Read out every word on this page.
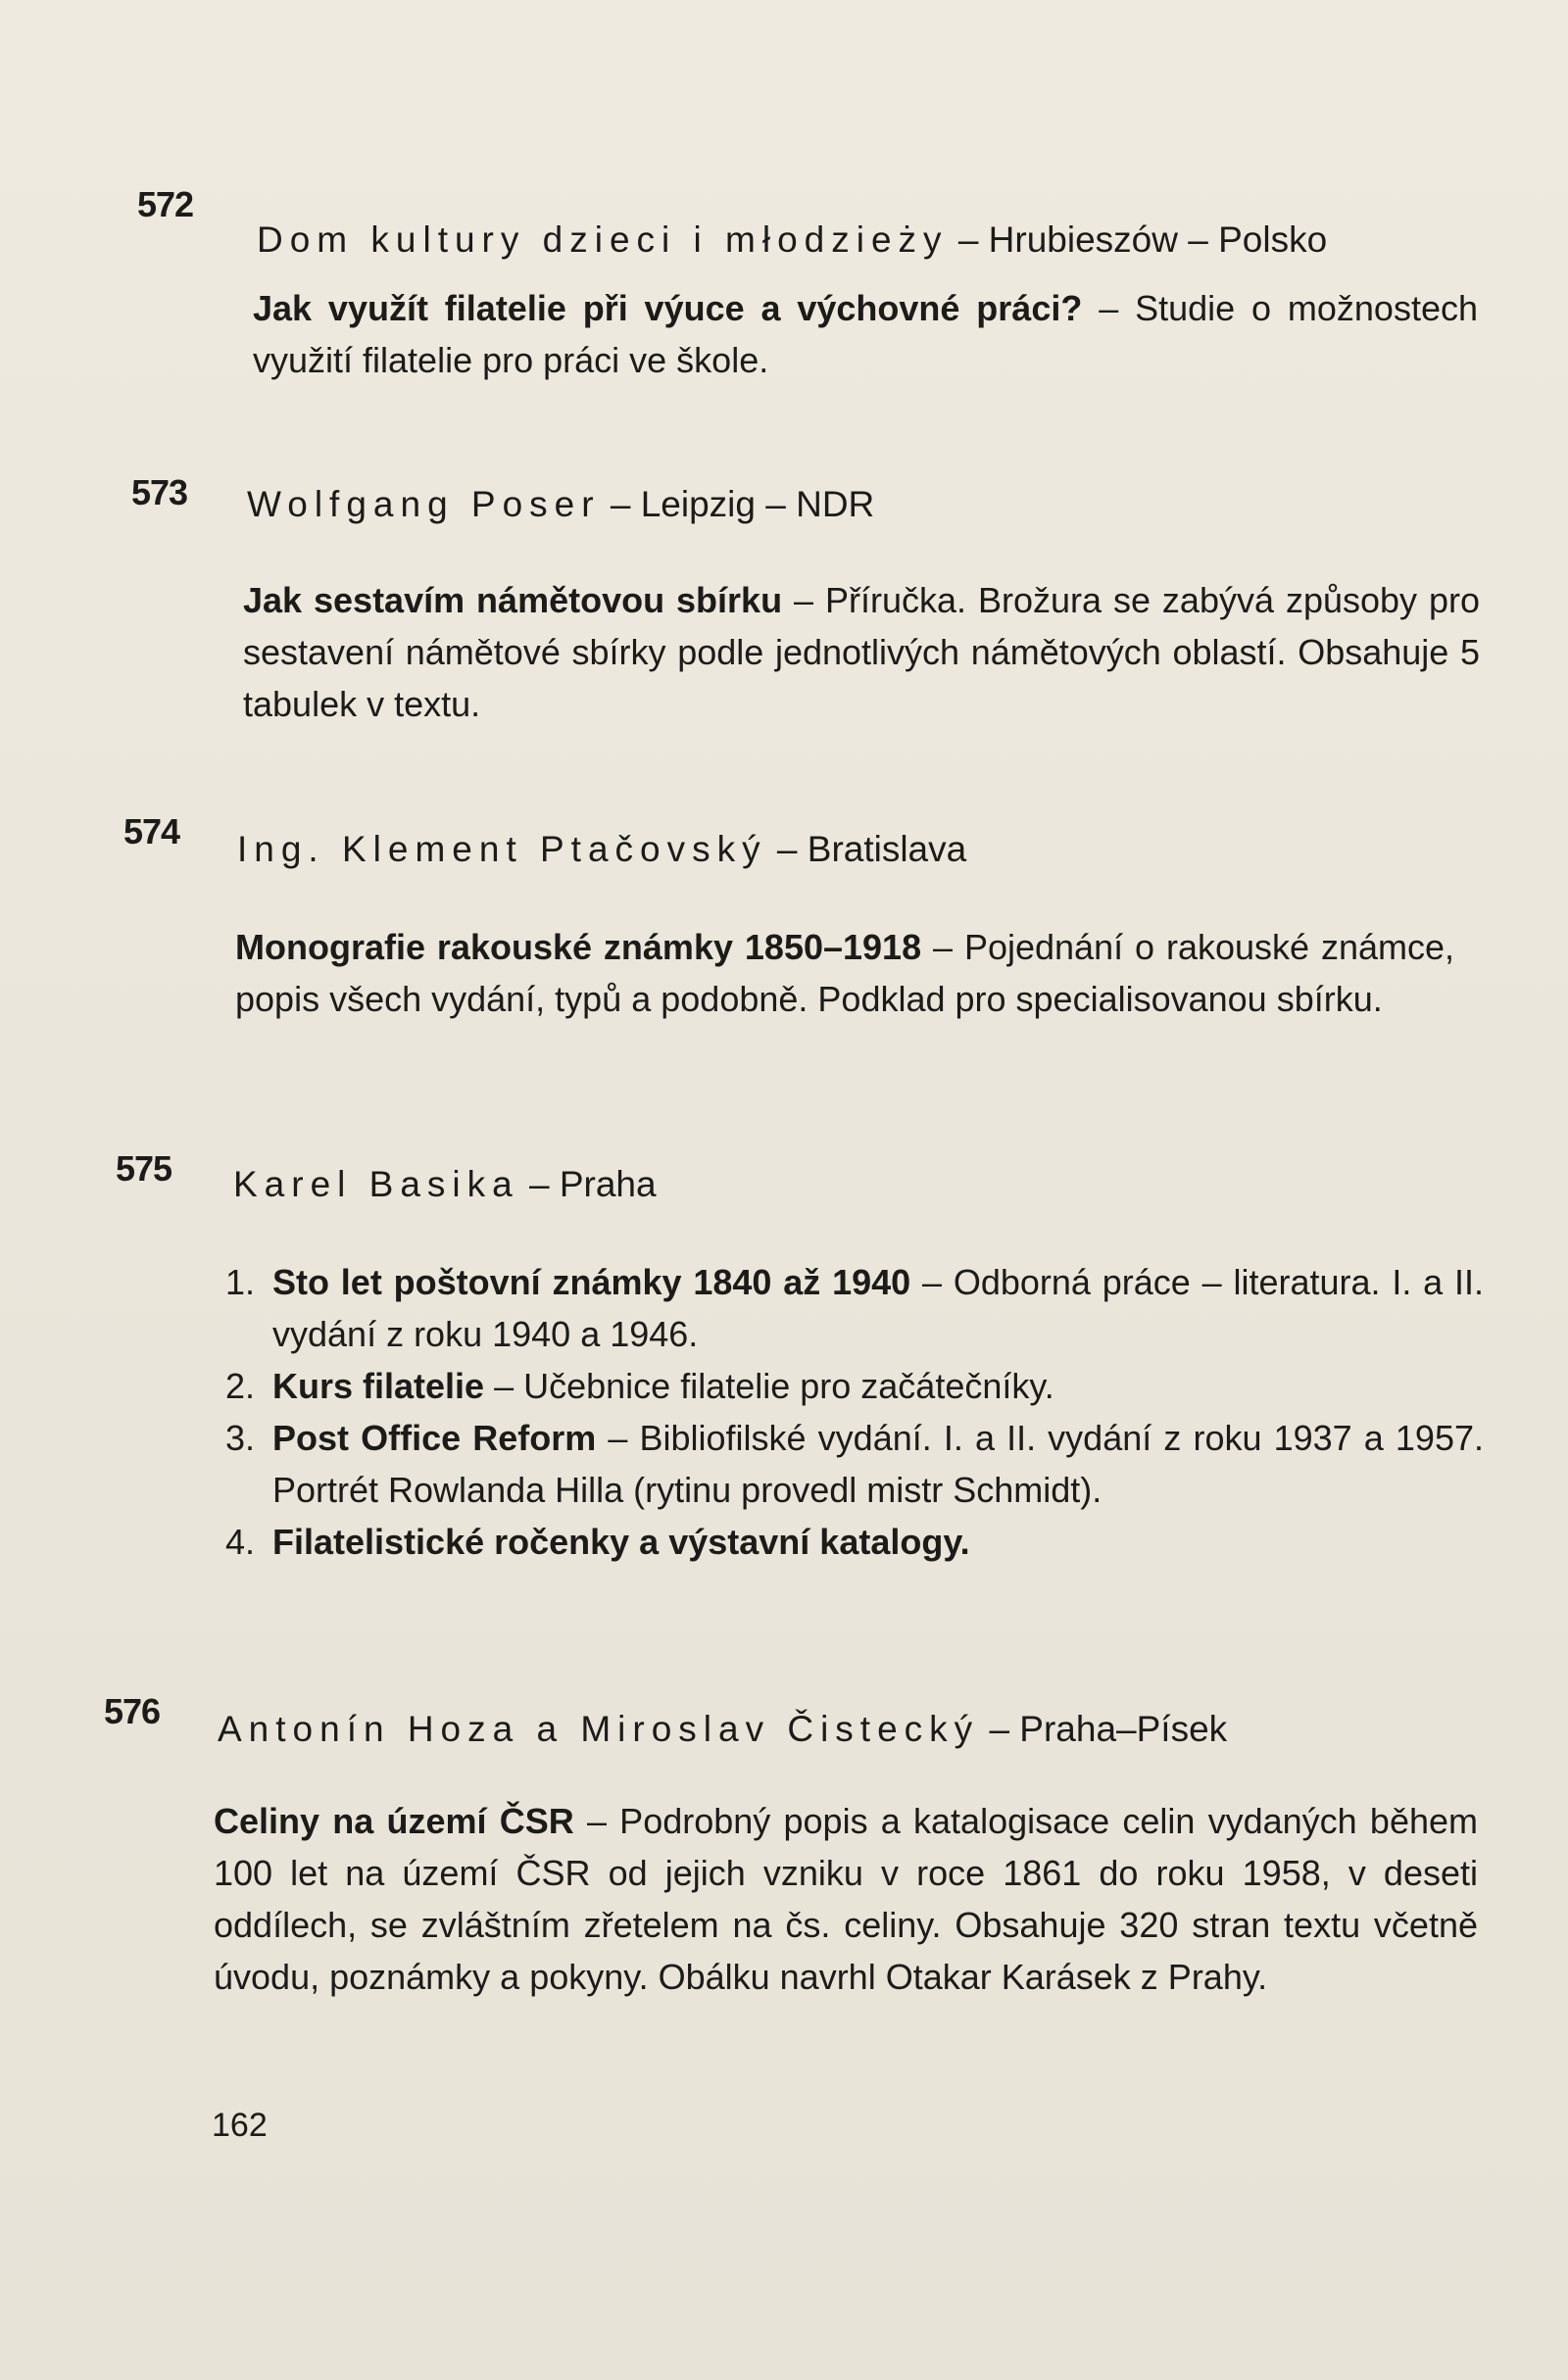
572
Dom kultury dzieci i młodzieży – Hrubieszów – Polsko
Jak využít filatelie při výuce a výchovné práci? – Studie o možnostech využití filatelie pro práci ve škole.
573 Wolfgang Poser – Leipzig – NDR
Jak sestavím námětovou sbírku – Příručka. Brožura se zabývá způsoby pro sestavení námětové sbírky podle jednotlivých námětových oblastí. Obsahuje 5 tabulek v textu.
574 Ing. Klement Ptačovský – Bratislava
Monografie rakouské známky 1850–1918 – Pojednání o rakouské známce, popis všech vydání, typů a podobně. Podklad pro specialisovanou sbírku.
575 Karel Basika – Praha
1. Sto let poštovní známky 1840 až 1940 – Odborná práce – literatura. I. a II. vydání z roku 1940 a 1946.
2. Kurs filatelie – Učebnice filatelie pro začátečníky.
3. Post Office Reform – Bibliofilské vydání. I. a II. vydání z roku 1937 a 1957. Portrét Rowlanda Hilla (rytinu provedl mistr Schmidt).
4. Filatelistické ročenky a výstavní katalogy.
576 Antonín Hoza a Miroslav Čistecký – Praha–Písek
Celiny na území ČSR – Podrobný popis a katalogisace celin vydaných během 100 let na území ČSR od jejich vzniku v roce 1861 do roku 1958, v deseti oddílech, se zvláštním zřetelem na čs. celiny. Obsahuje 320 stran textu včetně úvodu, poznámky a pokyny. Obálku navrhl Otakar Karásek z Prahy.
162
